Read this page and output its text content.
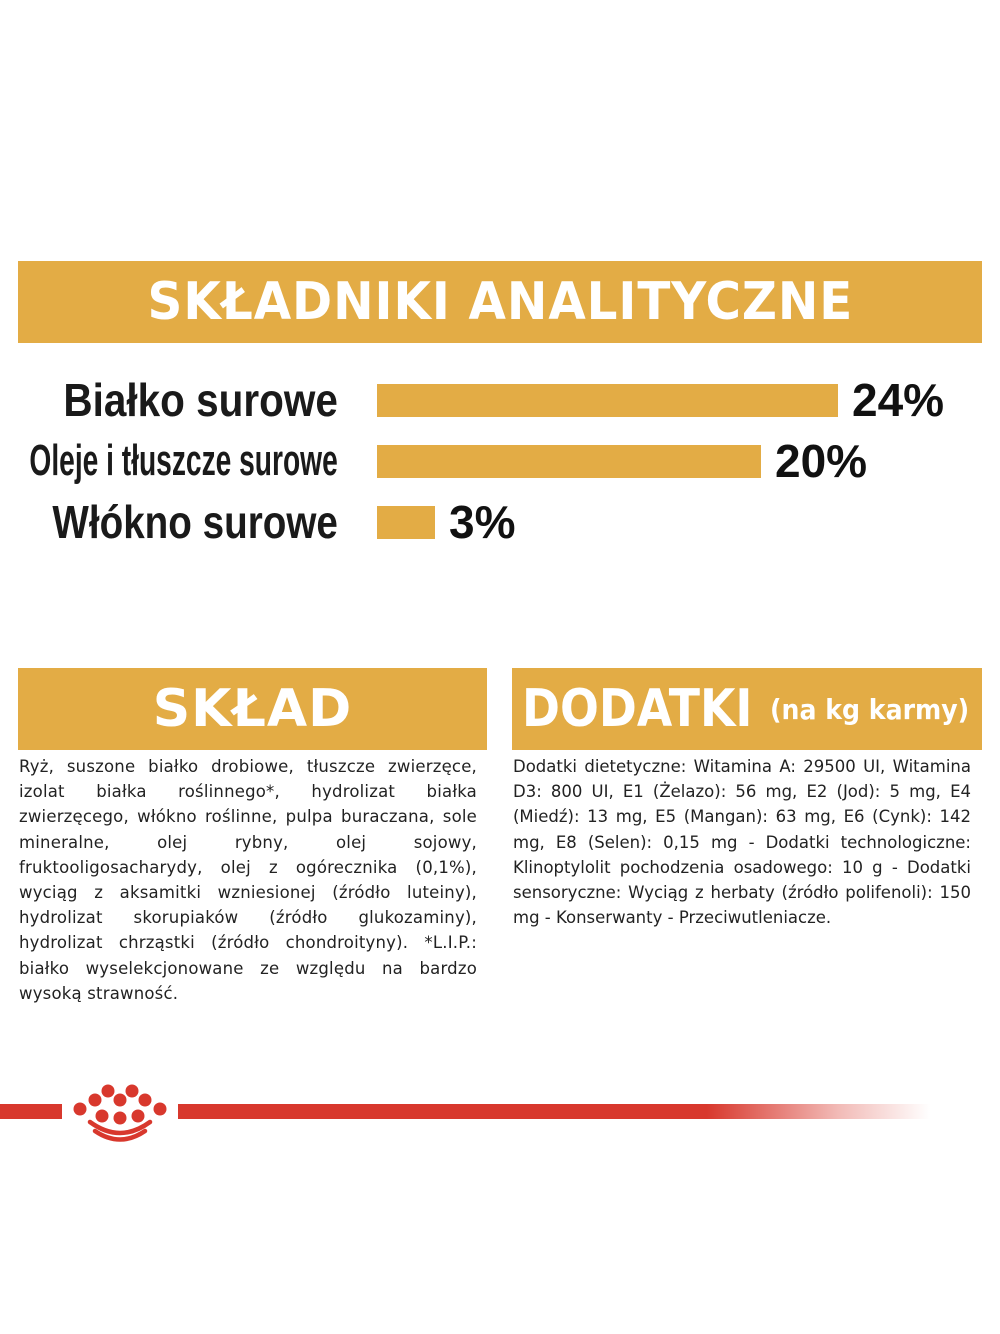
SKŁADNIKI ANALITYCZNE
Białko surowe	24%
Oleje i tłuszcze surowe	20%
Włókno surowe 3%
SKŁAD	DODATKI (na kg karmy)
Ryż, suszone białko drobiowe, tłuszcze zwierzęce, izolat białka roślinnego*, hydrolizat białka zwierzęcego, włókno roślinne, pulpa buraczana, sole mineralne, olej rybny, olej sojowy, fruktooligosacharydy, olej z ogórecznika (0,1%), wyciąg z aksamitki wzniesionej (źródło luteiny), hydrolizat skorupiaków (źródło glukozaminy), hydrolizat chrząstki (źródło chondroityny). *L.I.P.: białko wyselekcjonowane ze względu na bardzo wysoką strawność.
Dodatki dietetyczne: Witamina A: 29500 UI, Witamina D3: 800 UI, E1 (Żelazo): 56 mg, E2 (Jod): 5 mg, E4 (Miedź): 13 mg, E5 (Mangan): 63 mg, E6 (Cynk): 142 mg, E8 (Selen): 0,15 mg - Dodatki technologiczne: Klinoptylolit pochodzenia osadowego: 10 g - Dodatki sensoryczne: Wyciąg z herbaty (źródło polifenoli): 150 mg - Konserwanty - Przeciwutleniacze.
